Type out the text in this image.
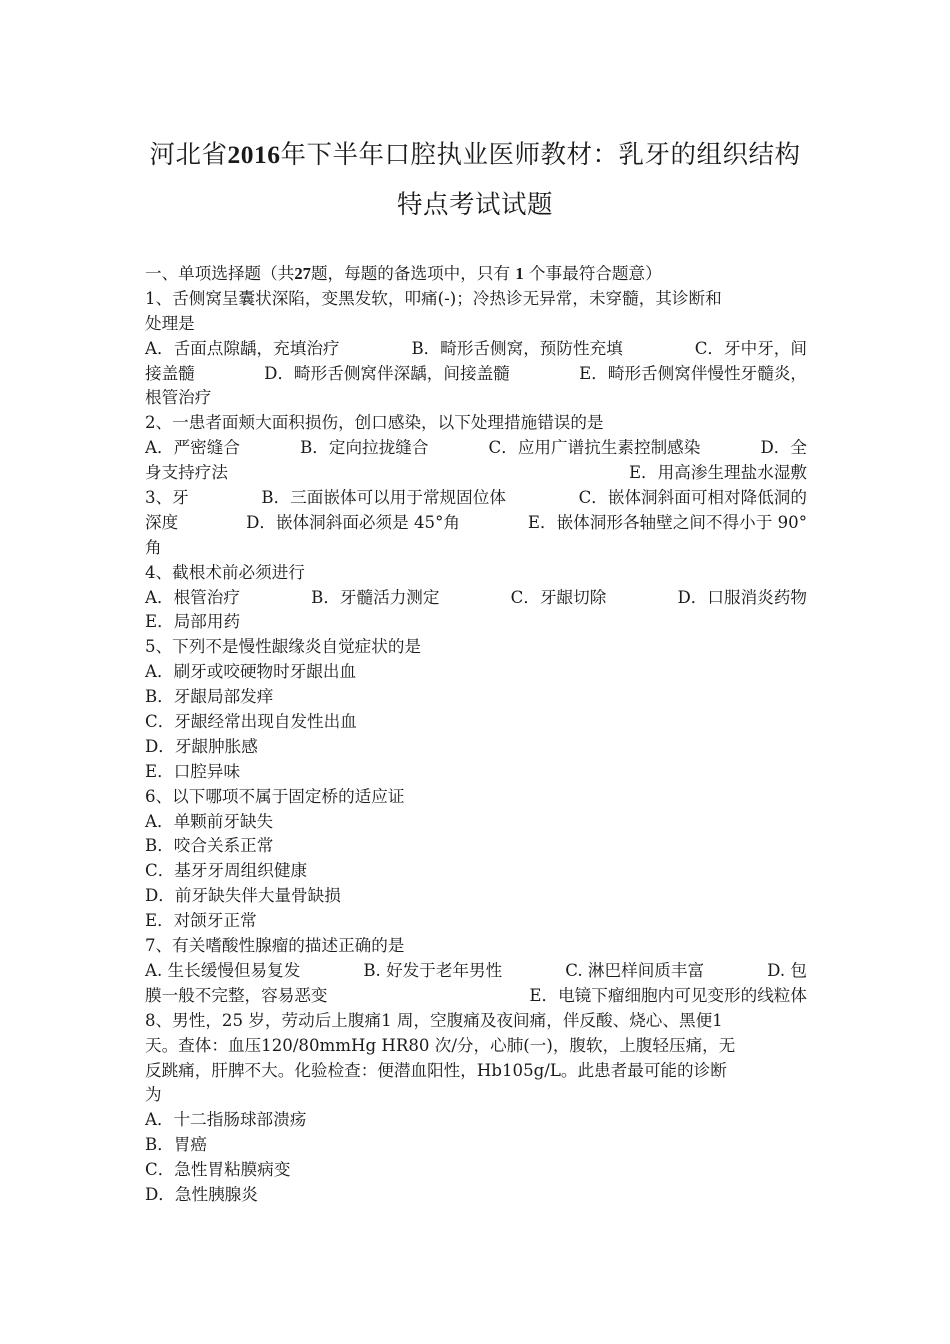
河北省2016年下半年口腔执业医师教材：乳牙的组织结构
特点考试试题
一、单项选择题（共27题，每题的备选项中，只有 1 个事最符合题意）
1、舌侧窝呈囊状深陷，变黑发软，叩痛(-)；冷热诊无异常，未穿髓，其诊断和
处理是
A．舌面点隙龋，充填治疗	B．畸形舌侧窝，预防性充填	C．牙中牙，间
接盖髓	D．畸形舌侧窝伴深龋，间接盖髓	E．畸形舌侧窝伴慢性牙髓炎，
根管治疗
2、一患者面颊大面积损伤，创口感染，以下处理措施错误的是
A．严密缝合	B．定向拉拢缝合	C．应用广谱抗生素控制感染	D．全
身支持疗法	E．用高渗生理盐水湿敷
3、牙	B．三面嵌体可以用于常规固位体	C．嵌体洞斜面可相对降低洞的
深度	D．嵌体洞斜面必须是 45°角	E．嵌体洞形各轴壁之间不得小于 90°
角
4、截根术前必须进行
A．根管治疗	B．牙髓活力测定	C．牙龈切除	D．口服消炎药物
E．局部用药
5、下列不是慢性龈缘炎自觉症状的是
A．刷牙或咬硬物时牙龈出血
B．牙龈局部发痒
C．牙龈经常出现自发性出血
D．牙龈肿胀感
E．口腔异味
6、以下哪项不属于固定桥的适应证
A．单颗前牙缺失
B．咬合关系正常
C．基牙牙周组织健康
D．前牙缺失伴大量骨缺损
E．对颌牙正常
7、有关嗜酸性腺瘤的描述正确的是
A. 生长缓慢但易复发	B. 好发于老年男性	C. 淋巴样间质丰富	D. 包
膜一般不完整，容易恶变	E．电镜下瘤细胞内可见变形的线粒体
8、男性，25 岁，劳动后上腹痛1 周，空腹痛及夜间痛，伴反酸、烧心、黑便1
天。查体：血压120/80mmHg HR80 次/分，心肺(一)，腹软，上腹轻压痛，无
反跳痛，肝脾不大。化验检查：便潜血阳性，Hb105g/L。此患者最可能的诊断
为
A．十二指肠球部溃疡
B．胃癌
C．急性胃粘膜病变
D．急性胰腺炎
